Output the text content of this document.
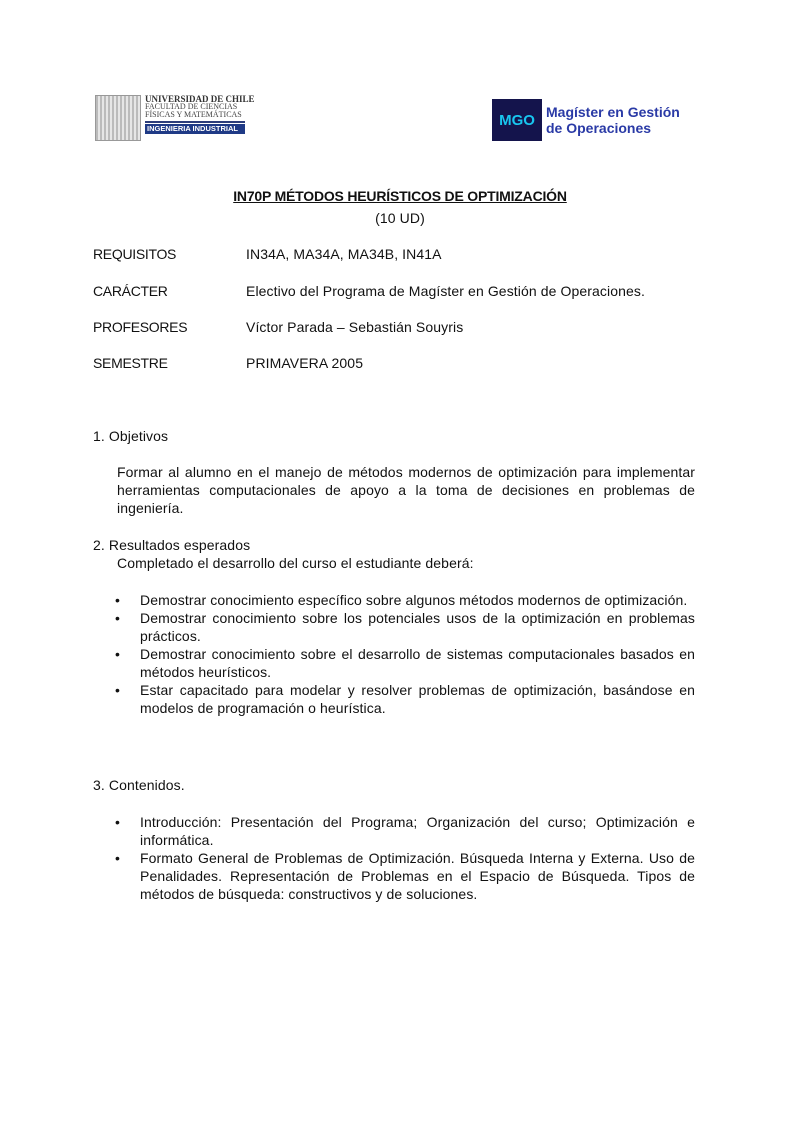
UNIVERSIDAD DE CHILE
FACULTAD DE CIENCIAS
FÍSICAS Y MATEMÁTICAS
INGENIERIA INDUSTRIAL	MGO Magíster en Gestión
de Operaciones
IN70P MÉTODOS HEURÍSTICOS DE OPTIMIZACIÓN
(10 UD)
REQUISITOS	IN34A, MA34A, MA34B, IN41A
CARÁCTER	Electivo del Programa de Magíster en Gestión de Operaciones.
PROFESORES	Víctor Parada – Sebastián Souyris
SEMESTRE	PRIMAVERA 2005
1. Objetivos
Formar al alumno en el manejo de métodos modernos de optimización para implementar herramientas computacionales de apoyo a la toma de decisiones en problemas de ingeniería.
2. Resultados esperados
Completado el desarrollo del curso el estudiante deberá:
• Demostrar conocimiento específico sobre algunos métodos modernos de optimización.
• Demostrar conocimiento sobre los potenciales usos de la optimización en problemas prácticos.
• Demostrar conocimiento sobre el desarrollo de sistemas computacionales basados en métodos heurísticos.
• Estar capacitado para modelar y resolver problemas de optimización, basándose en modelos de programación o heurística.
3. Contenidos.
• Introducción: Presentación del Programa; Organización del curso; Optimización e informática.
• Formato General de Problemas de Optimización. Búsqueda Interna y Externa. Uso de Penalidades. Representación de Problemas en el Espacio de Búsqueda. Tipos de métodos de búsqueda: constructivos y de soluciones.
